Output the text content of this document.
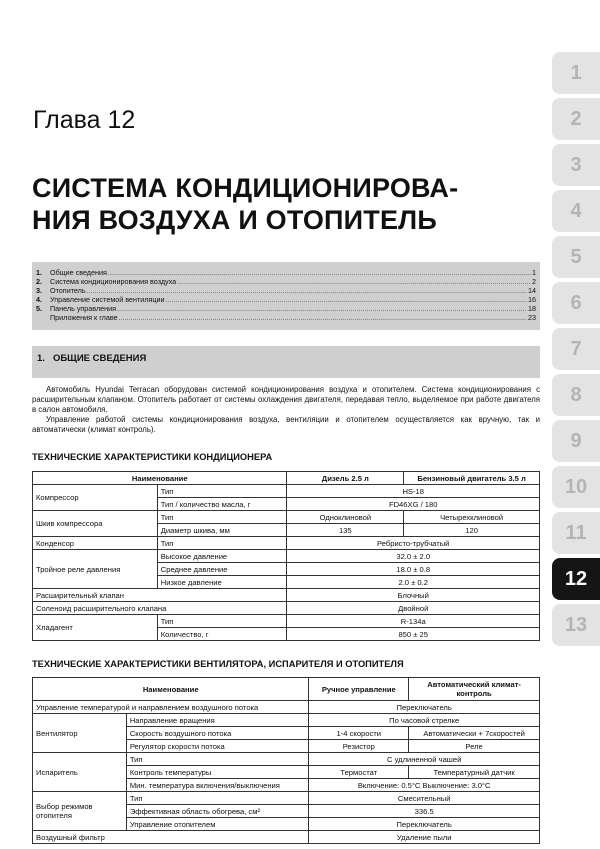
1
2
3
4
5
6
7
8
9
10
11
12
13
Глава 12
СИСТЕМА КОНДИЦИОНИРОВА-
НИЯ ВОЗДУХА И ОТОПИТЕЛЬ
1.	Общие сведения .....	1
2.	Система кондиционирования воздуха .....	2
3.	Отопитель .....	14
4.	Управление системой вентиляции .....	16
5.	Панель управления .....	18
Приложения к главе .....	23
1. ОБЩИЕ СВЕДЕНИЯ
Автомобиль Hyundai Terracan оборудован системой кондиционирования воздуха и отопителем. Система кондиционирования с расширительным клапаном. Отопитель работает от системы охлаждения двигателя, передавая тепло, выделяемое при работе двигателя в салон автомобиля.
Управление работой системы кондиционирования воздуха, вентиляции и отопителем осуществляется как вручную, так и автоматически (климат контроль).
ТЕХНИЧЕСКИЕ ХАРАКТЕРИСТИКИ КОНДИЦИОНЕРА
Наименование		Дизель 2.5 л	Бензиновый двигатель 3.5 л
Компрессор	Тип	HS-18	
	Тип / количество масла, г	FD46XG / 180	
Шкив компрессора	Тип	Одноклиновой	Четырехклиновой
	Диаметр шкива, мм	135	120
Конденсор	Тип	Ребристо-трубчатый	
Тройное реле давления	Высокое давление	32.0 ± 2.0	
	Среднее давление	18.0 ± 0.8	
	Низкое давление	2.0 ± 0.2	
Расширительный клапан		Блочный	
Соленоид расширительного клапана		Двойной	
Хладагент	Тип	R-134a	
	Количество, г	850 ± 25	
ТЕХНИЧЕСКИЕ ХАРАКТЕРИСТИКИ ВЕНТИЛЯТОРА, ИСПАРИТЕЛЯ И ОТОПИТЕЛЯ
Наименование		Ручное управление	Автоматический климат-контроль
Управление температурой и направлением воздушного потока		Переключатель	
Вентилятор	Направление вращения	По часовой стрелке	
	Скорость воздушного потока	1-4 скорости	Автоматически + 7скоростей
	Регулятор скорости потока	Резистор	Реле
Испаритель	Тип	С удлиненной чашей	
	Контроль температуры	Термостат	Температурный датчик
	Мин. температура включения/выключения	Включение: 0.5°С Выключение: 3.0°С	
Выбор режимов отопителя	Тип	Смесительный	
	Эффективная область обогрева, см²	336.5	
	Управление отопителем	Переключатель	
Воздушный фильтр		Удаление пыли	
